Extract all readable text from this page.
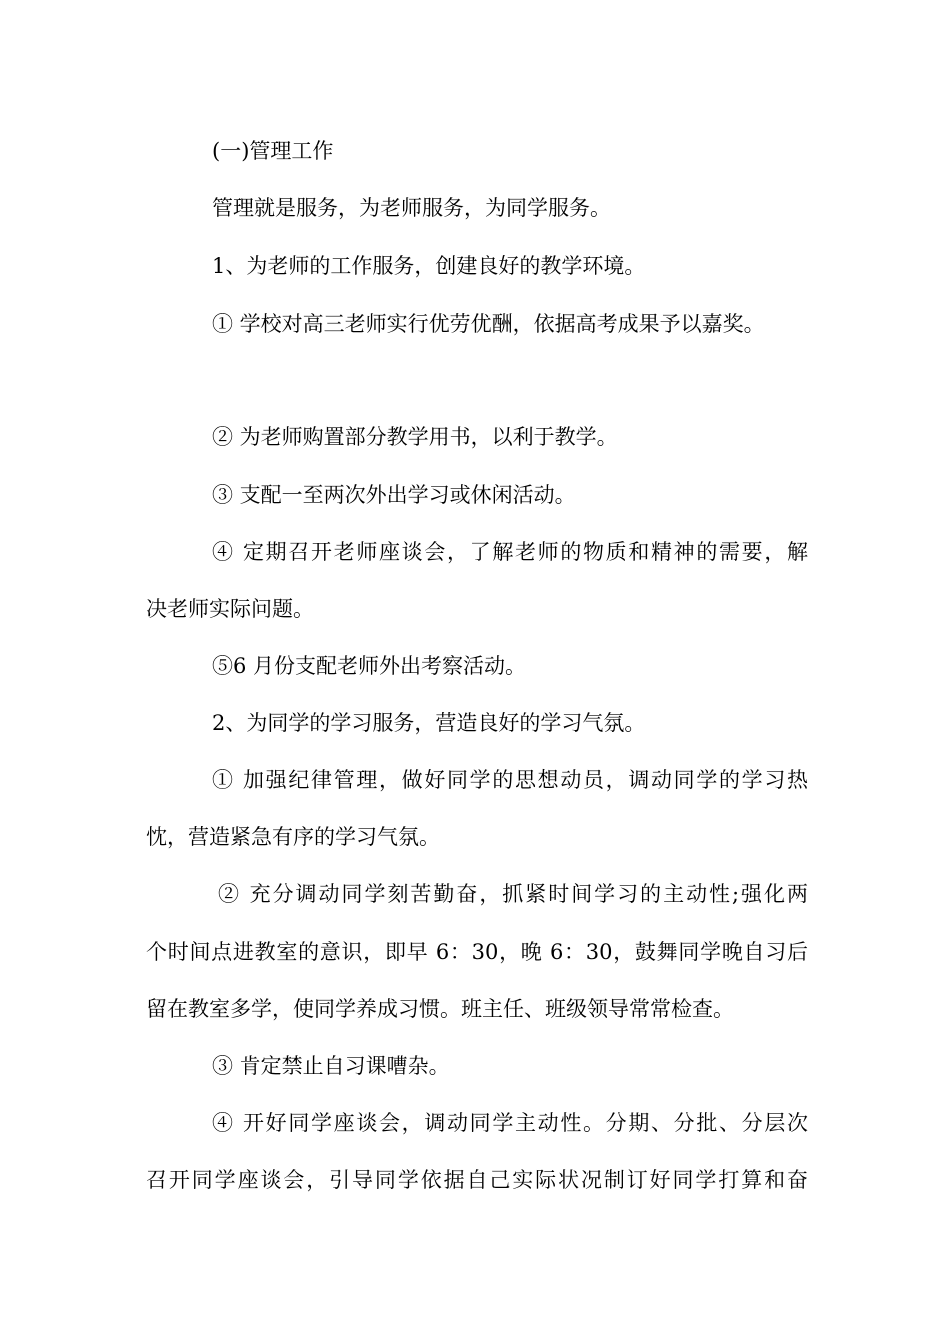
(一)管理工作
管理就是服务，为老师服务，为同学服务。
1、为老师的工作服务，创建良好的教学环境。
① 学校对高三老师实行优劳优酬，依据高考成果予以嘉奖。
② 为老师购置部分教学用书，以利于教学。
③ 支配一至两次外出学习或休闲活动。
④ 定期召开老师座谈会，了解老师的物质和精神的需要，解
决老师实际问题。
⑤6 月份支配老师外出考察活动。
2、为同学的学习服务，营造良好的学习气氛。
① 加强纪律管理，做好同学的思想动员，调动同学的学习热
忱，营造紧急有序的学习气氛。
② 充分调动同学刻苦勤奋，抓紧时间学习的主动性;强化两
个时间点进教室的意识，即早 6：30，晚 6：30，鼓舞同学晚自习后
留在教室多学，使同学养成习惯。班主任、班级领导常常检查。
③ 肯定禁止自习课嘈杂。
④ 开好同学座谈会，调动同学主动性。分期、分批、分层次
召开同学座谈会，引导同学依据自己实际状况制订好同学打算和奋
